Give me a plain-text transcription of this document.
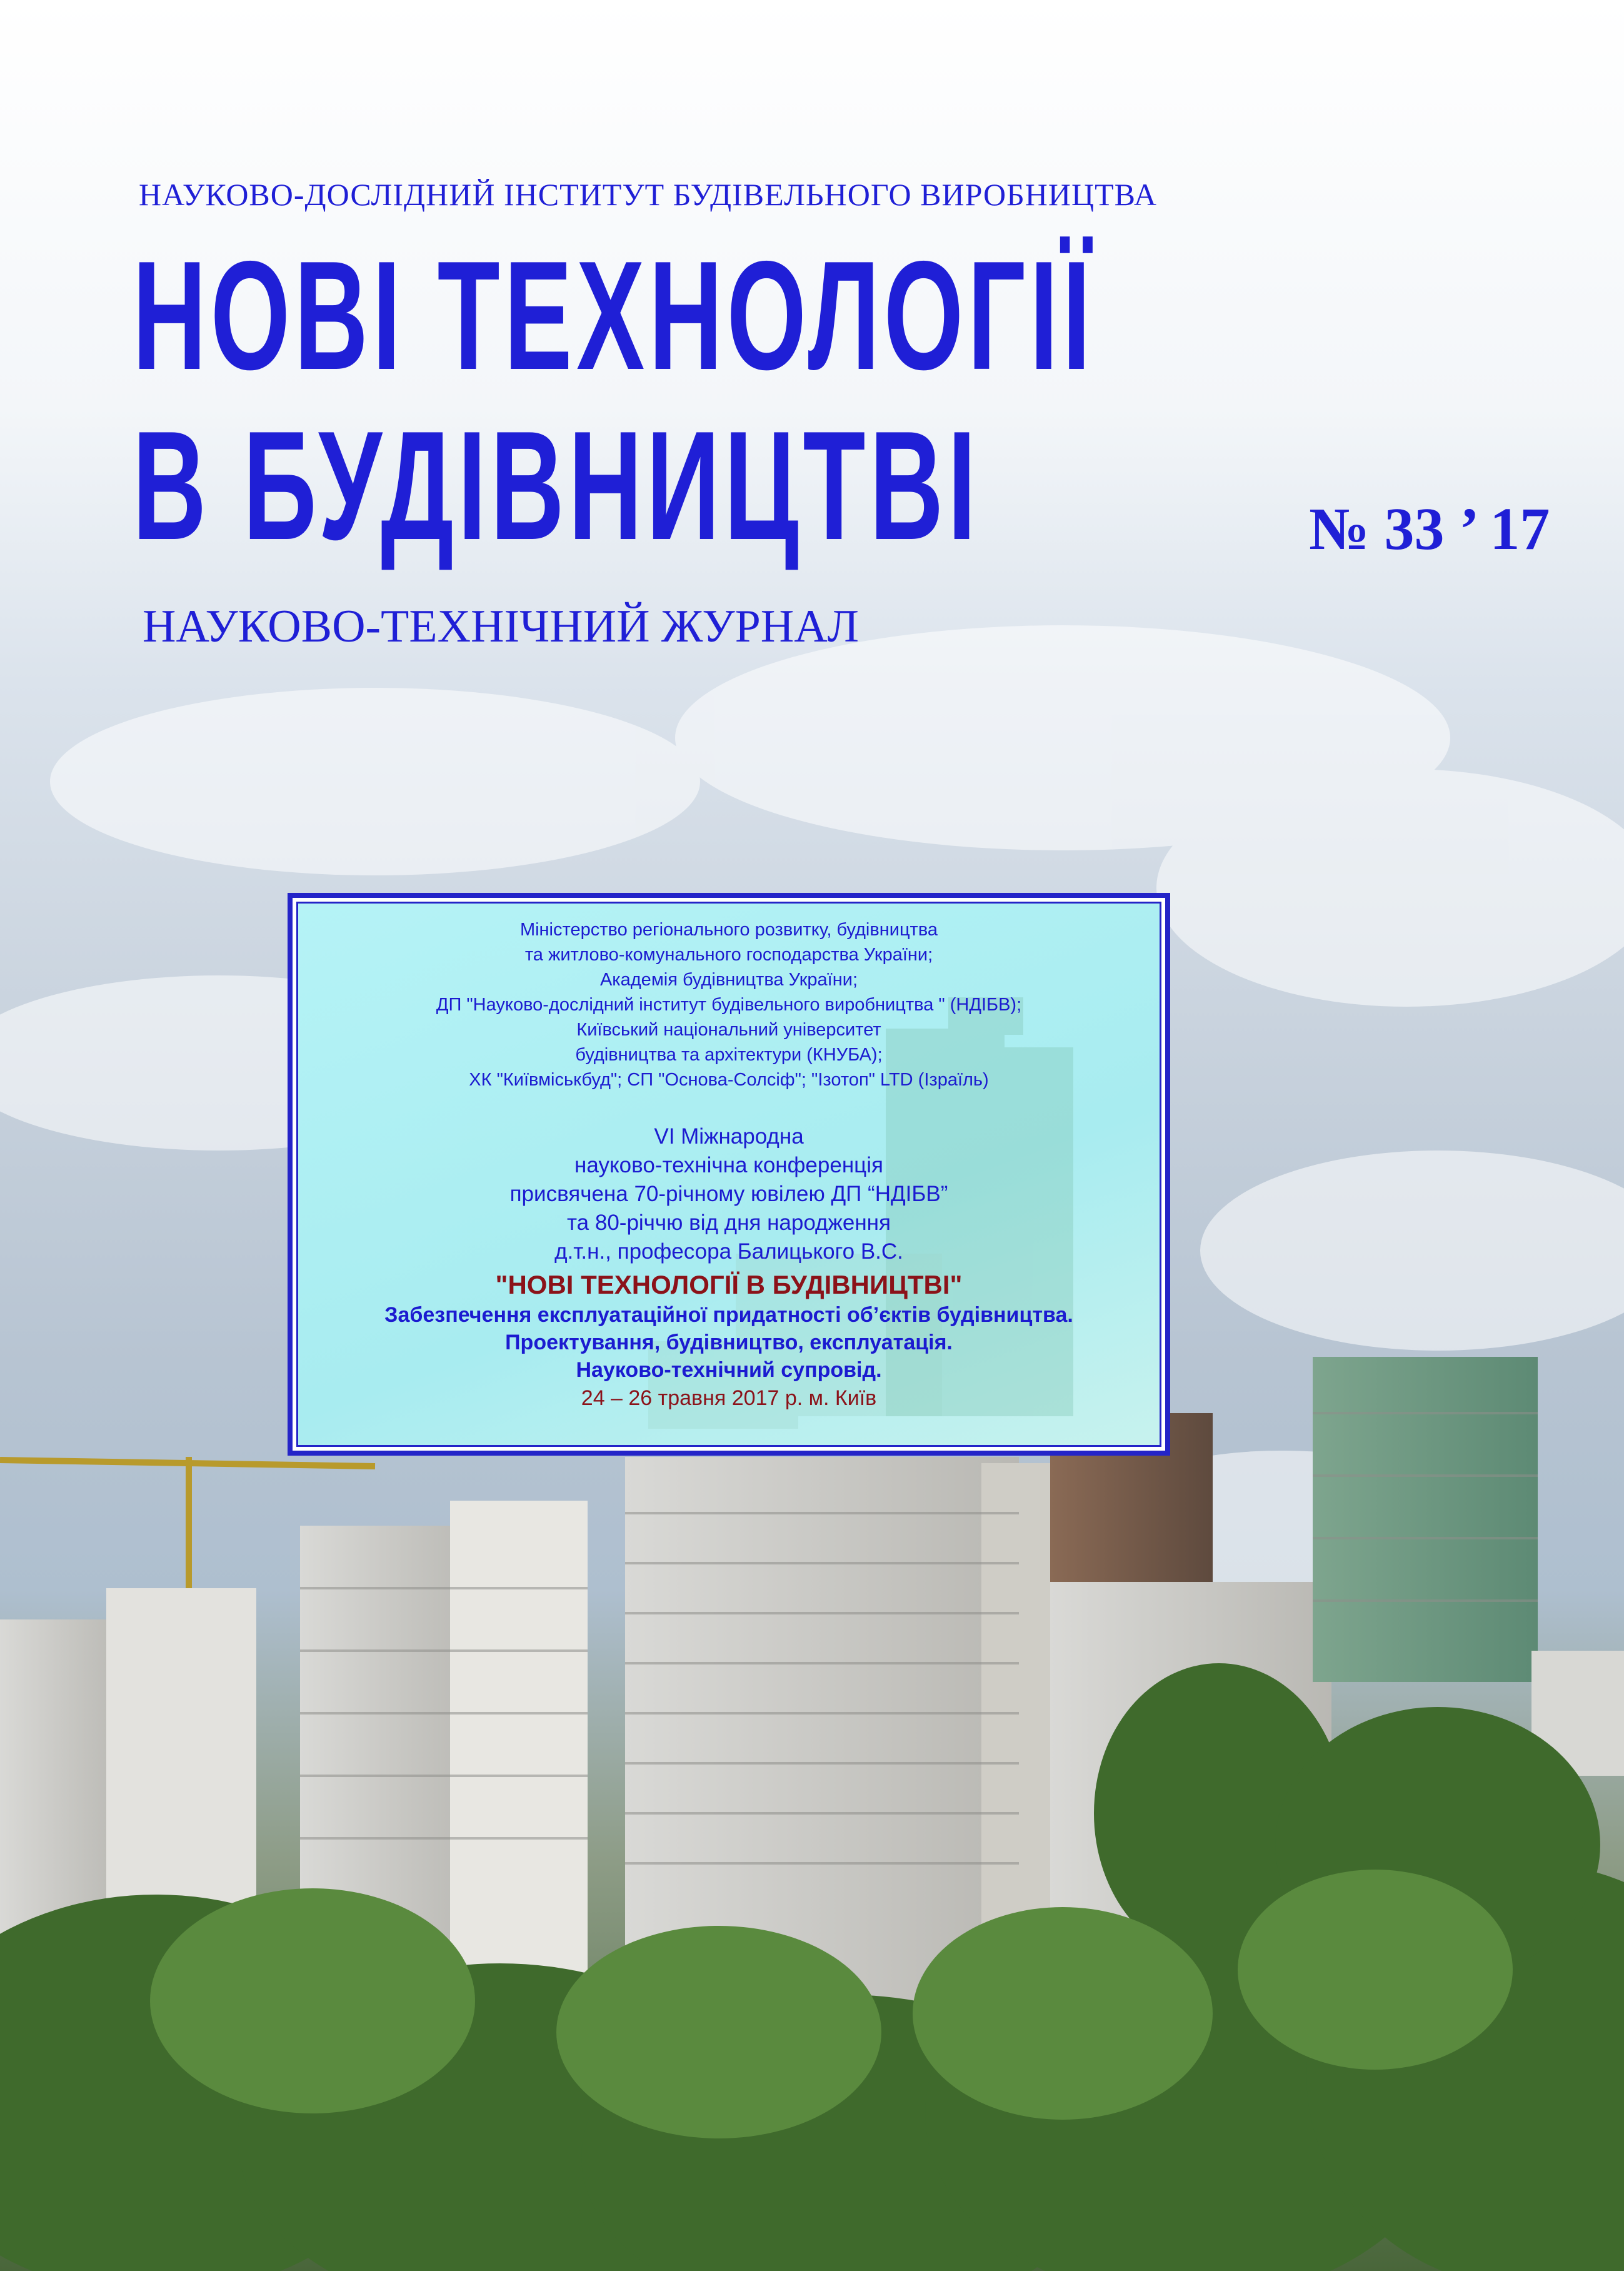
НАУКОВО-ДОСЛІДНИЙ ІНСТИТУТ БУДІВЕЛЬНОГО ВИРОБНИЦТВА
НОВІ ТЕХНОЛОГІЇ
В БУДІВНИЦТВІ	№ 33 ’ 17
НАУКОВО-ТЕХНІЧНИЙ ЖУРНАЛ
Міністерство регіонального розвитку, будівництва
та житлово-комунального господарства України;
Академія будівництва України;
ДП "Науково-дослідний інститут будівельного виробництва " (НДІБВ);
Київський національний університет
будівництва та архітектури (КНУБА);
ХК "Київміськбуд"; СП "Основа-Солсіф"; "Ізотоп" LTD (Ізраїль)
VI Міжнародна
науково-технічна конференція
присвячена 70-річному ювілею ДП “НДІБВ”
та 80-річчю від дня народження
д.т.н., професора Балицького В.С.
"НОВІ ТЕХНОЛОГІЇ В БУДІВНИЦТВІ"
Забезпечення експлуатаційної придатності об’єктів будівництва.
Проектування, будівництво, експлуатація.
Науково-технічний супровід.
24 – 26 травня 2017 р. м. Київ
